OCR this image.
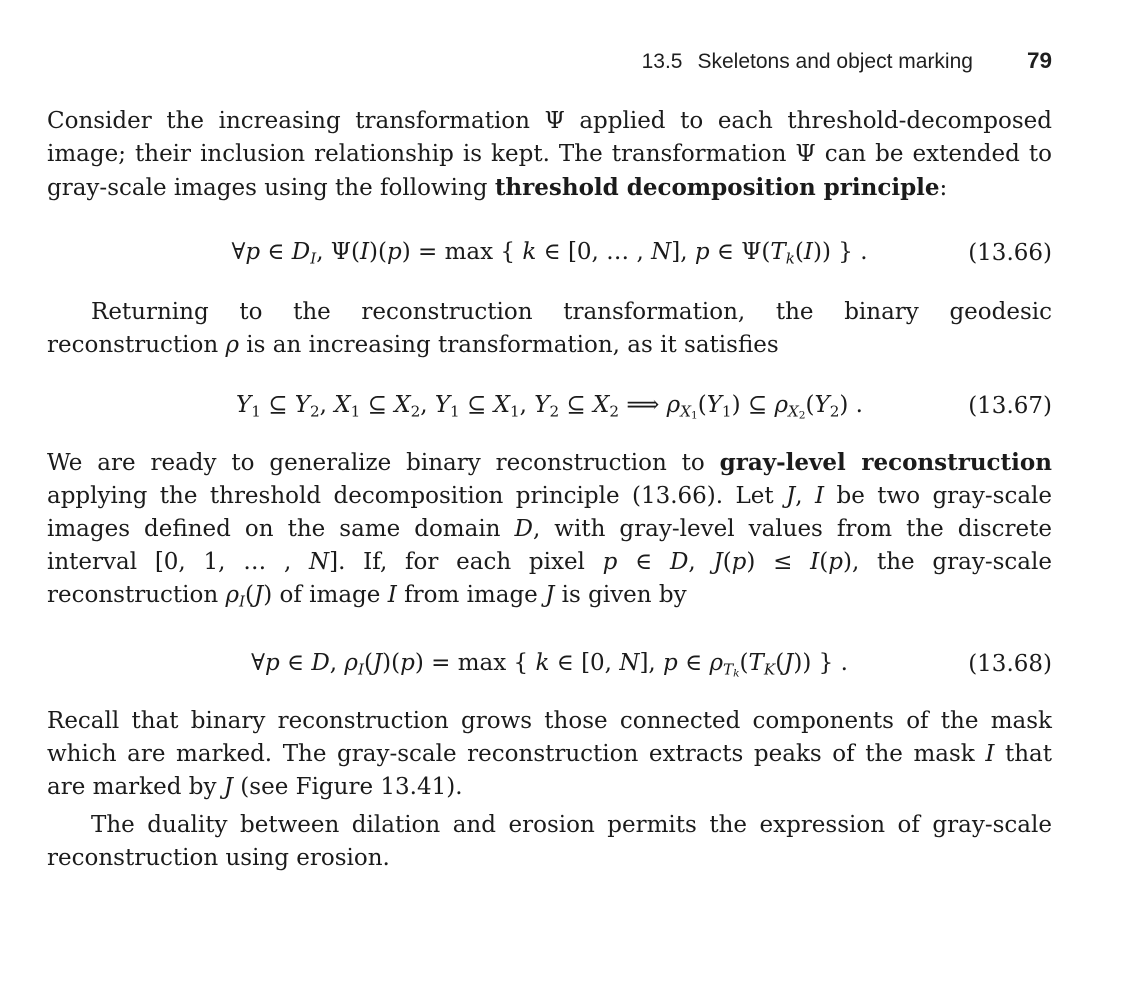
13.5 Skeletons and object marking 79

Consider the increasing transformation Ψ applied to each threshold-decomposed image; their inclusion relationship is kept. The transformation Ψ can be extended to gray-scale images using the following threshold decomposition principle:

∀p ∈ $D_I$, Ψ(I)(p) = max { k ∈ [0, … , N], p ∈ $\Psi(T_k(I))$ } .	(13.66)

Returning to the reconstruction transformation, the binary geodesic reconstruction ρ is an increasing transformation, as it satisfies

$Y_1$ ⊆ $Y_2$, $X_1$ ⊆ $X_2$, $Y_1$ ⊆ $X_1$, $Y_2$ ⊆ $X_2$ ⟹ $\rho_{X1}(Y_1)$ ⊆ $\rho_{X2}(Y_2)$ .	(13.67)

We are ready to generalize binary reconstruction to gray-level reconstruction applying the threshold decomposition principle (13.66). Let J, I be two gray-scale images defined on the same domain D, with gray-level values from the discrete interval [0, 1, … , N]. If, for each pixel p ∈ D, J(p) ≤ I(p), the gray-scale reconstruction $\rho_I(J)$ of image I from image J is given by

∀p ∈ D, $\rho_I(J)(p) = \max$ { k ∈ [0, N], p ∈ $\rho_{Tk}(T_K(J))$ } .	(13.68)

Recall that binary reconstruction grows those connected components of the mask which are marked. The gray-scale reconstruction extracts peaks of the mask I that are marked by J (see Figure 13.41).

The duality between dilation and erosion permits the expression of gray-scale reconstruction using erosion.
